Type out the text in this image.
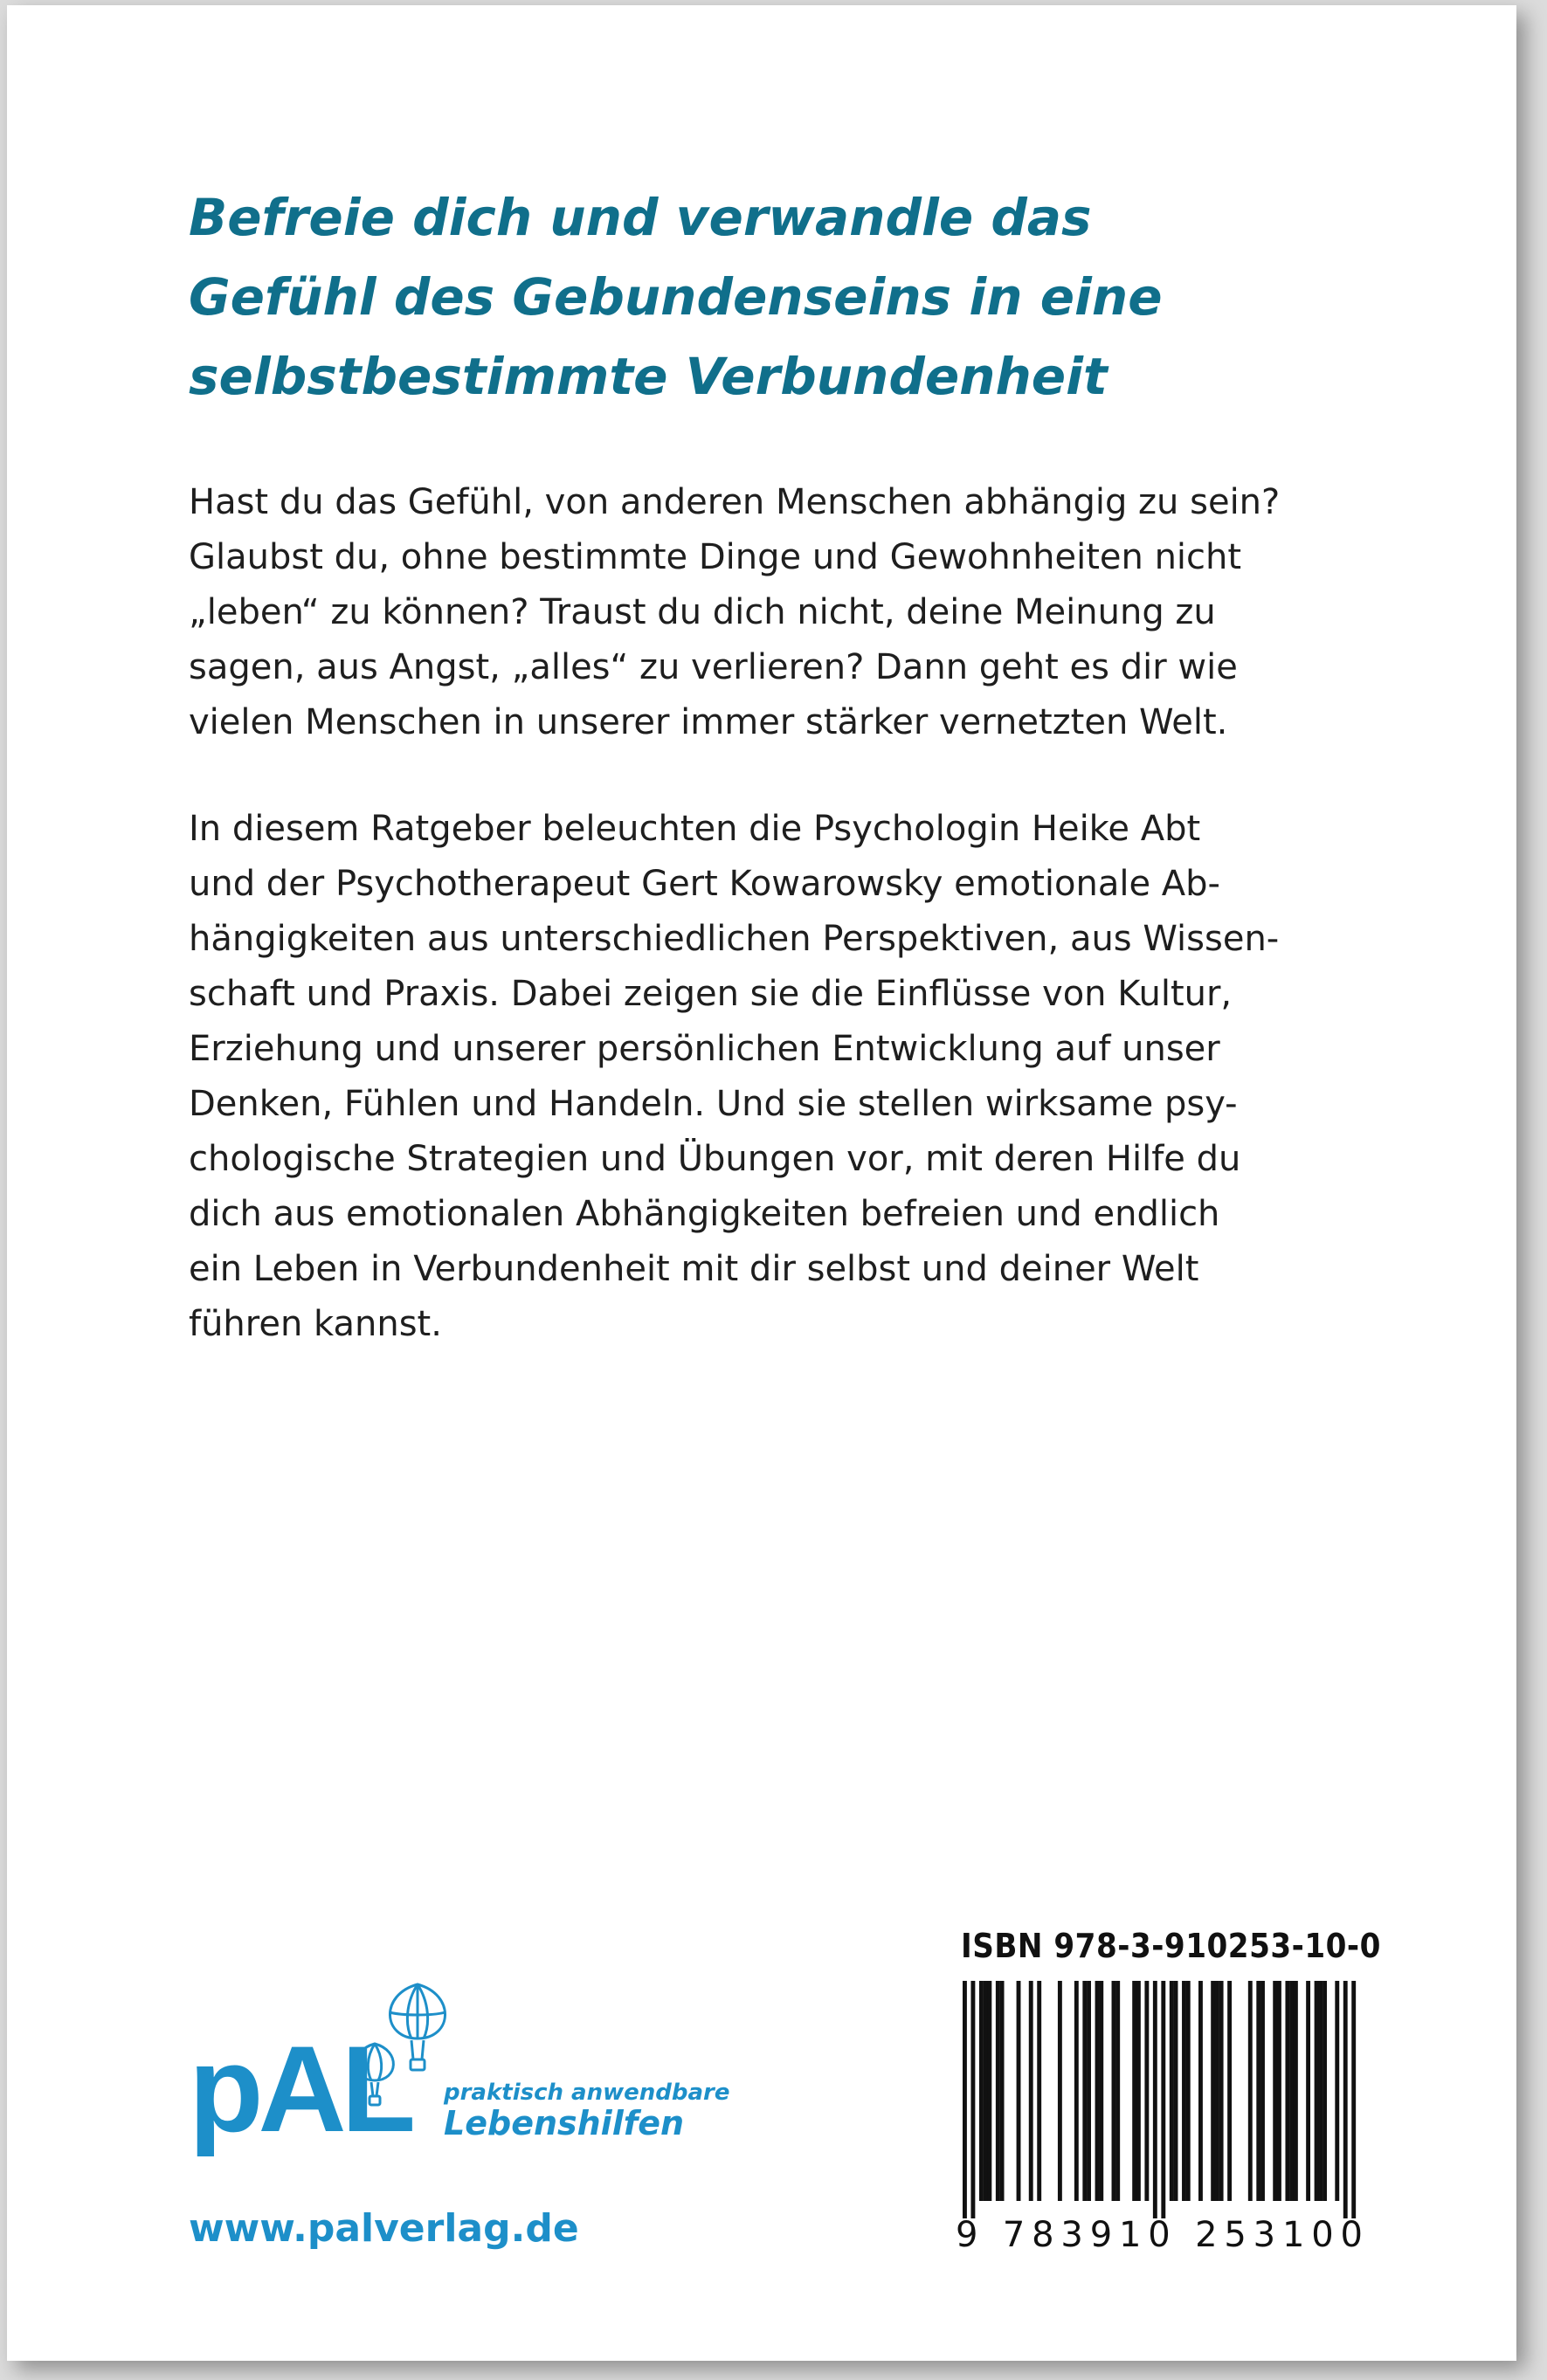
Befreie dich und verwandle das
Gefühl des Gebundenseins in eine
selbstbestimmte Verbundenheit

Hast du das Gefühl, von anderen Menschen abhängig zu sein?
Glaubst du, ohne bestimmte Dinge und Gewohnheiten nicht
„leben“ zu können? Traust du dich nicht, deine Meinung zu
sagen, aus Angst, „alles“ zu verlieren? Dann geht es dir wie
vielen Menschen in unserer immer stärker vernetzten Welt.

In diesem Ratgeber beleuchten die Psychologin Heike Abt
und der Psychotherapeut Gert Kowarowsky emotionale Ab-
hängigkeiten aus unterschiedlichen Perspektiven, aus Wissen-
schaft und Praxis. Dabei zeigen sie die Einflüsse von Kultur,
Erziehung und unserer persönlichen Entwicklung auf unser
Denken, Fühlen und Handeln. Und sie stellen wirksame psy-
chologische Strategien und Übungen vor, mit deren Hilfe du
dich aus emotionalen Abhängigkeiten befreien und endlich
ein Leben in Verbundenheit mit dir selbst und deiner Welt
führen kannst.

pAL praktisch anwendbare
Lebenshilfen
www.palverlag.de
ISBN 978-3-910253-10-0
9 783910 253100
